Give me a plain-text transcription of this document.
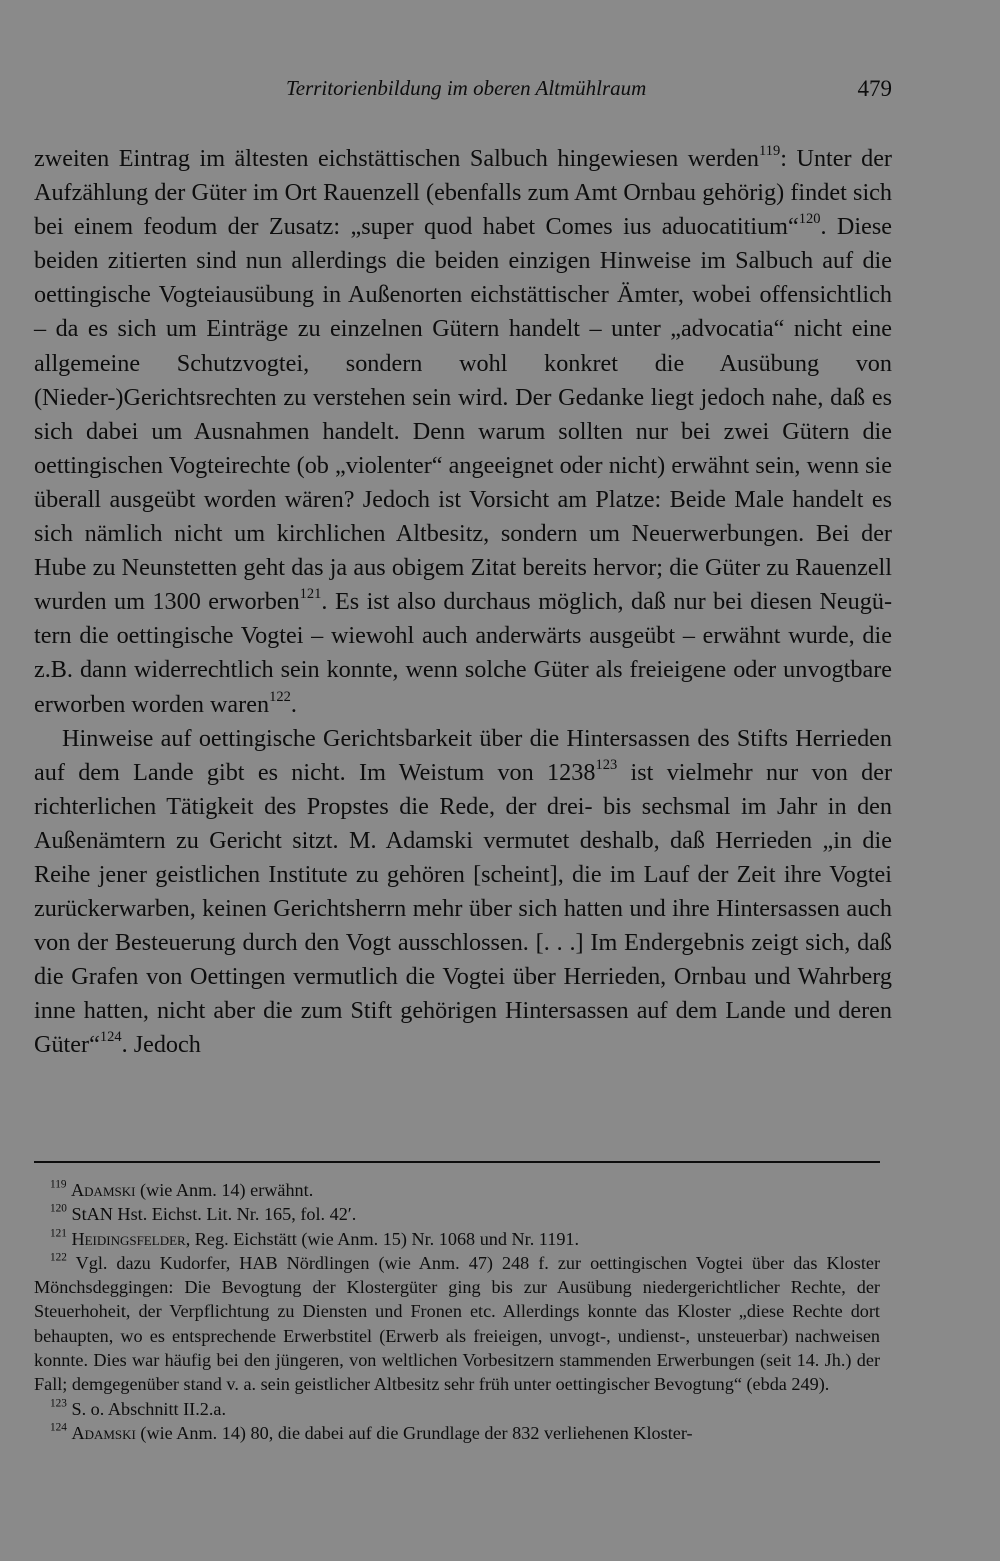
Territorienbildung im oberen Altmühlraum	479

zweiten Eintrag im ältesten eichstättischen Salbuch hingewiesen werden$^{119}$: Unter der Aufzählung der Güter im Ort Rauenzell (ebenfalls zum Amt Ornbau gehörig) findet sich bei einem feodum der Zusatz: „super quod habet Comes ius aduocatitium“$^{120}$. Diese beiden zitierten sind nun allerdings die beiden einzigen Hinweise im Salbuch auf die oettingische Vogteiausübung in Außenorten eichstättischer Ämter, wobei offensichtlich – da es sich um Einträge zu einzelnen Gütern handelt – unter „advocatia“ nicht eine allgemeine Schutzvogtei, sondern wohl konkret die Ausübung von (Nieder-)Gerichtsrechten zu verstehen sein wird. Der Gedanke liegt jedoch nahe, daß es sich dabei um Ausnahmen handelt. Denn warum sollten nur bei zwei Gütern die oettingischen Vogteirechte (ob „violenter“ angeeignet oder nicht) erwähnt sein, wenn sie überall ausgeübt worden wären? Jedoch ist Vorsicht am Platze: Beide Male handelt es sich nämlich nicht um kirchlichen Altbesitz, sondern um Neuerwerbungen. Bei der Hube zu Neunstetten geht das ja aus obigem Zitat bereits hervor; die Güter zu Rauenzell wurden um 1300 erworben$^{121}$. Es ist also durchaus möglich, daß nur bei diesen Neugütern die oettingische Vogtei – wiewohl auch anderwärts ausgeübt – erwähnt wurde, die z.B. dann widerrechtlich sein konnte, wenn solche Güter als freieigene oder unvogtbare erworben worden waren$^{122}$.

Hinweise auf oettingische Gerichtsbarkeit über die Hintersassen des Stifts Herrieden auf dem Lande gibt es nicht. Im Weistum von 1238$^{123}$ ist vielmehr nur von der richterlichen Tätigkeit des Propstes die Rede, der drei- bis sechsmal im Jahr in den Außenämtern zu Gericht sitzt. M. Adamski vermutet deshalb, daß Herrieden „in die Reihe jener geistlichen Institute zu gehören [scheint], die im Lauf der Zeit ihre Vogtei zurückerwarben, keinen Gerichtsherrn mehr über sich hatten und ihre Hintersassen auch von der Besteuerung durch den Vogt ausschlossen. [. . .] Im Endergebnis zeigt sich, daß die Grafen von Oettingen vermutlich die Vogtei über Herrieden, Ornbau und Wahrberg inne hatten, nicht aber die zum Stift gehörigen Hintersassen auf dem Lande und deren Güter“$^{124}$. Jedoch

$^{119}$ Adamski (wie Anm. 14) erwähnt.

$^{120}$ StAN Hst. Eichst. Lit. Nr. 165, fol. 42′.

$^{121}$ Heidingsfelder, Reg. Eichstätt (wie Anm. 15) Nr. 1068 und Nr. 1191.

$^{122}$ Vgl. dazu Kudorfer, HAB Nördlingen (wie Anm. 47) 248 f. zur oettingischen Vogtei über das Kloster Mönchsdeggingen: Die Bevogtung der Klostergüter ging bis zur Ausübung niedergerichtlicher Rechte, der Steuerhoheit, der Verpflichtung zu Diensten und Fronen etc. Allerdings konnte das Kloster „diese Rechte dort behaupten, wo es entsprechende Erwerbstitel (Erwerb als freieigen, unvogt-, undienst-, unsteuerbar) nachweisen konnte. Dies war häufig bei den jüngeren, von weltlichen Vorbesitzern stammenden Erwerbungen (seit 14. Jh.) der Fall; demgegenüber stand v. a. sein geistlicher Altbesitz sehr früh unter oettingischer Bevogtung“ (ebda 249).

$^{123}$ S. o. Abschnitt II.2.a.

$^{124}$ Adamski (wie Anm. 14) 80, die dabei auf die Grundlage der 832 verliehenen Kloster-
